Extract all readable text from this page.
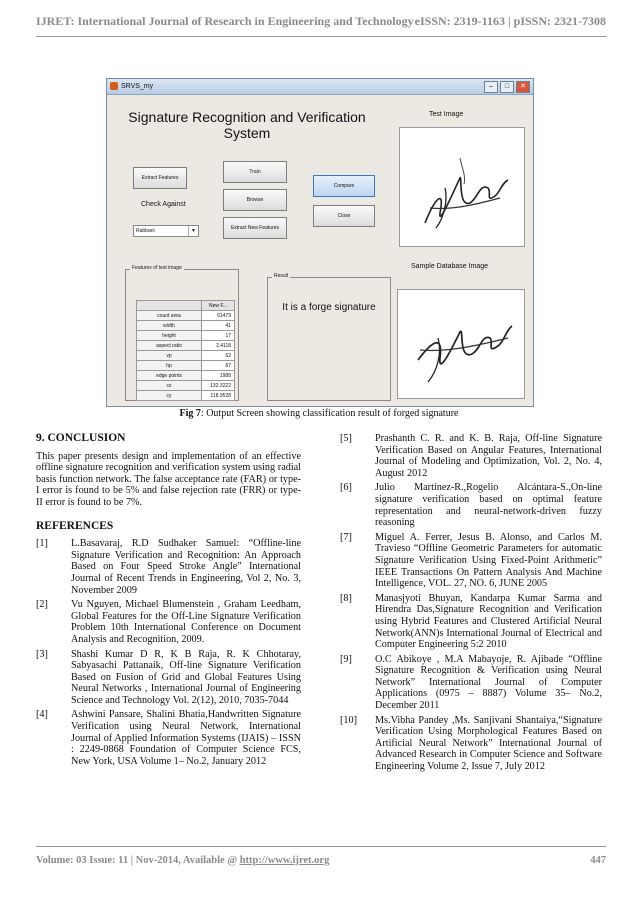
IJRET: International Journal of Research in Engineering and Technology eISSN: 2319-1163 | pISSN: 2321-7308
SRVS_my	–	□	✕
Signature Recognition and Verification System
Test Image
Extract Features
Train
Browse
Extract New Features
Compare
Close
Check Against
Rabbani	▼
Features of test image
	New F...
count area	61479
width	41
height	17
aspect ratio	2.4118
vp	52
hp	67
edge points	1988
cx	132.3222
cy	118.9528
Result
It is a forge signature
Sample Database Image
Fig 7: Output Screen showing classification result of forged signature
9. CONCLUSION

This paper presents design and implementation of an effective offline signature recognition and verification system using radial basis function network. The false acceptance rate (FAR) or type-I error is found to be 5% and false rejection rate (FRR) or type-II error is found to be 7%.

REFERENCES
[1] L.Basavaraj, R.D Sudhaker Samuel: “Offline-line Signature Verification and Recognition: An Approach Based on Four Speed Stroke Angle” International Journal of Recent Trends in Engineering, Vol 2, No. 3, November 2009
[2] Vu Nguyen, Michael Blumenstein , Graham Leedham, Global Features for the Off-Line Signature Verification Problem 10th International Conference on Document Analysis and Recognition, 2009.
[3] Shashi Kumar D R, K B Raja, R. K Chhotaray, Sabyasachi Pattanaik, Off-line Signature Verification Based on Fusion of Grid and Global Features Using Neural Networks , International Journal of Engineering Science and Technology Vol. 2(12), 2010, 7035-7044
[4] Ashwini Pansare, Shalini Bhatia,Handwritten Signature Verification using Neural Network, International Journal of Applied Information Systems (IJAIS) – ISSN : 2249-0868 Foundation of Computer Science FCS, New York, USA Volume 1– No.2, January 2012
[5] Prashanth C. R. and K. B. Raja, Off-line Signature Verification Based on Angular Features, International Journal of Modeling and Optimization, Vol. 2, No. 4, August 2012
[6] Julio Martínez-R.,Rogelio Alcántara-S.,On-line signature verification based on optimal feature representation and neural-network-driven fuzzy reasoning
[7] Miguel A. Ferrer, Jesus B. Alonso, and Carlos M. Travieso “Offline Geometric Parameters for automatic Signature Verification Using Fixed-Point Arithmetic” IEEE Transactions On Pattern Analysis And Machine Intelligence, VOL. 27, NO. 6, JUNE 2005
[8] Manasjyoti Bhuyan, Kandarpa Kumar Sarma and Hirendra Das,Signature Recognition and Verification using Hybrid Features and Clustered Artificial Neural Network(ANN)s International Journal of Electrical and Computer Engineering 5:2 2010
[9] O.C Abikoye , M.A Mabayoje, R. Ajibade “Offline Signature Recognition & Verification using Neural Network” International Journal of Computer Applications (0975 – 8887) Volume 35– No.2, December 2011
[10] Ms.Vibha Pandey ,Ms. Sanjivani Shantaiya,“Signature Verification Using Morphological Features Based on Artificial Neural Network” International Journal of Advanced Research in Computer Science and Software Engineering Volume 2, Issue 7, July 2012
Volume: 03 Issue: 11 | Nov-2014, Available @ http://www.ijret.org	447
